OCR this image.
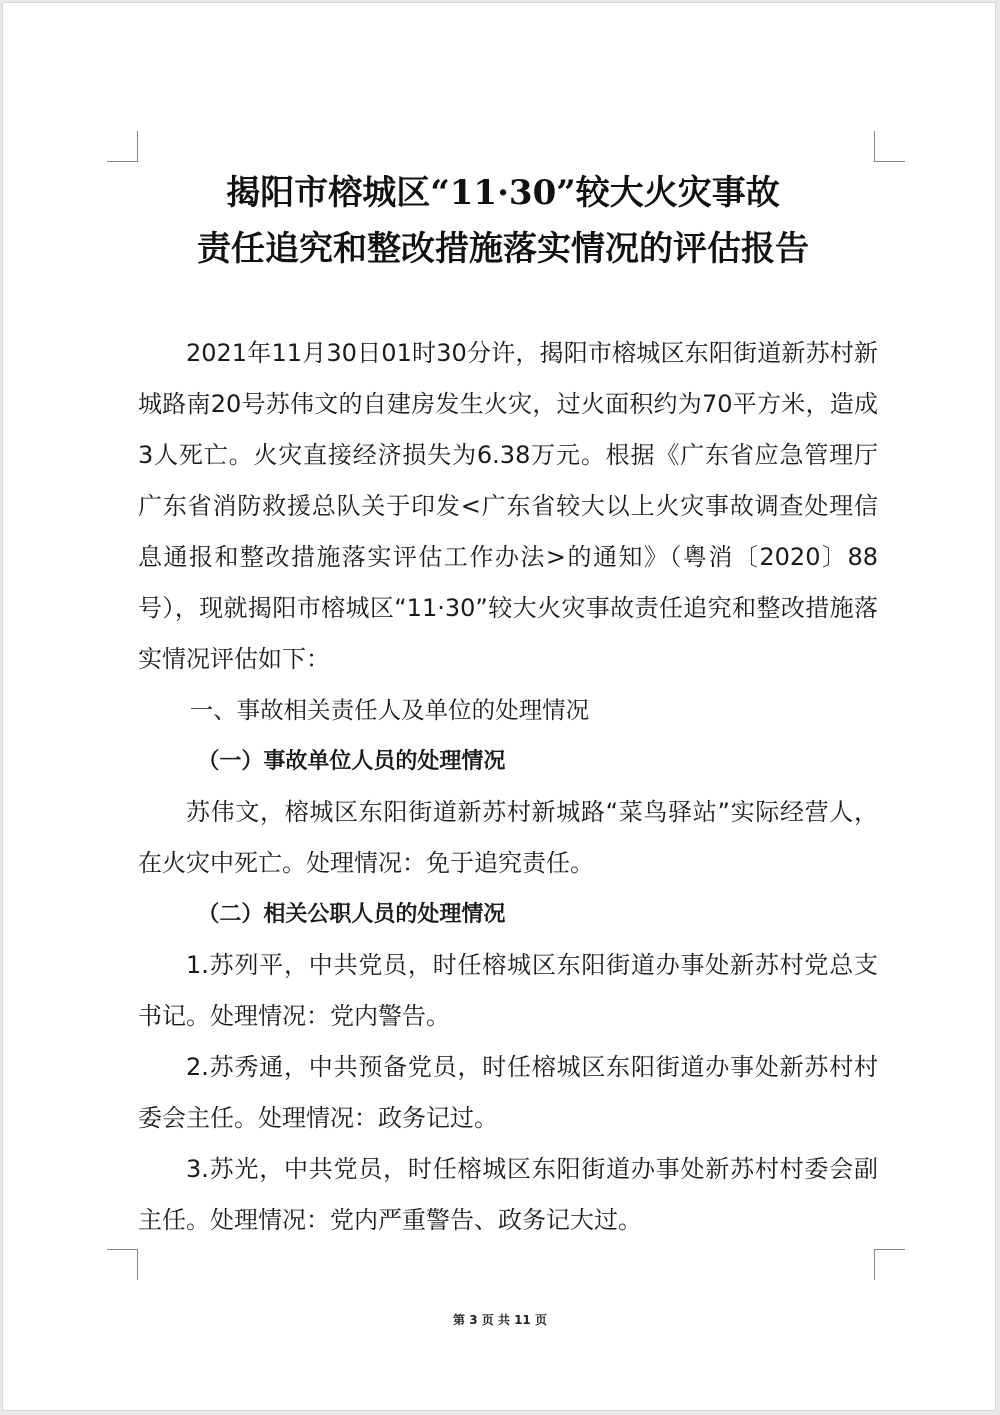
揭阳市榕城区“11·30”较大火灾事故
责任追究和整改措施落实情况的评估报告

2021年11月30日01时30分许，揭阳市榕城区东阳街道新苏村新城路南20号苏伟文的自建房发生火灾，过火面积约为70平方米，造成3人死亡。火灾直接经济损失为6.38万元。根据《广东省应急管理厅 广东省消防救援总队关于印发<广东省较大以上火灾事故调查处理信息通报和整改措施落实评估工作办法>的通知》（粤消〔2020〕88号），现就揭阳市榕城区“11·30”较大火灾事故责任追究和整改措施落实情况评估如下：

一、事故相关责任人及单位的处理情况

（一）事故单位人员的处理情况

苏伟文，榕城区东阳街道新苏村新城路“菜鸟驿站”实际经营人，在火灾中死亡。处理情况：免于追究责任。

（二）相关公职人员的处理情况

1.苏列平，中共党员，时任榕城区东阳街道办事处新苏村党总支书记。处理情况：党内警告。

2.苏秀通，中共预备党员，时任榕城区东阳街道办事处新苏村村委会主任。处理情况：政务记过。

3.苏光，中共党员，时任榕城区东阳街道办事处新苏村村委会副主任。处理情况：党内严重警告、政务记大过。

第 3 页 共 11 页
